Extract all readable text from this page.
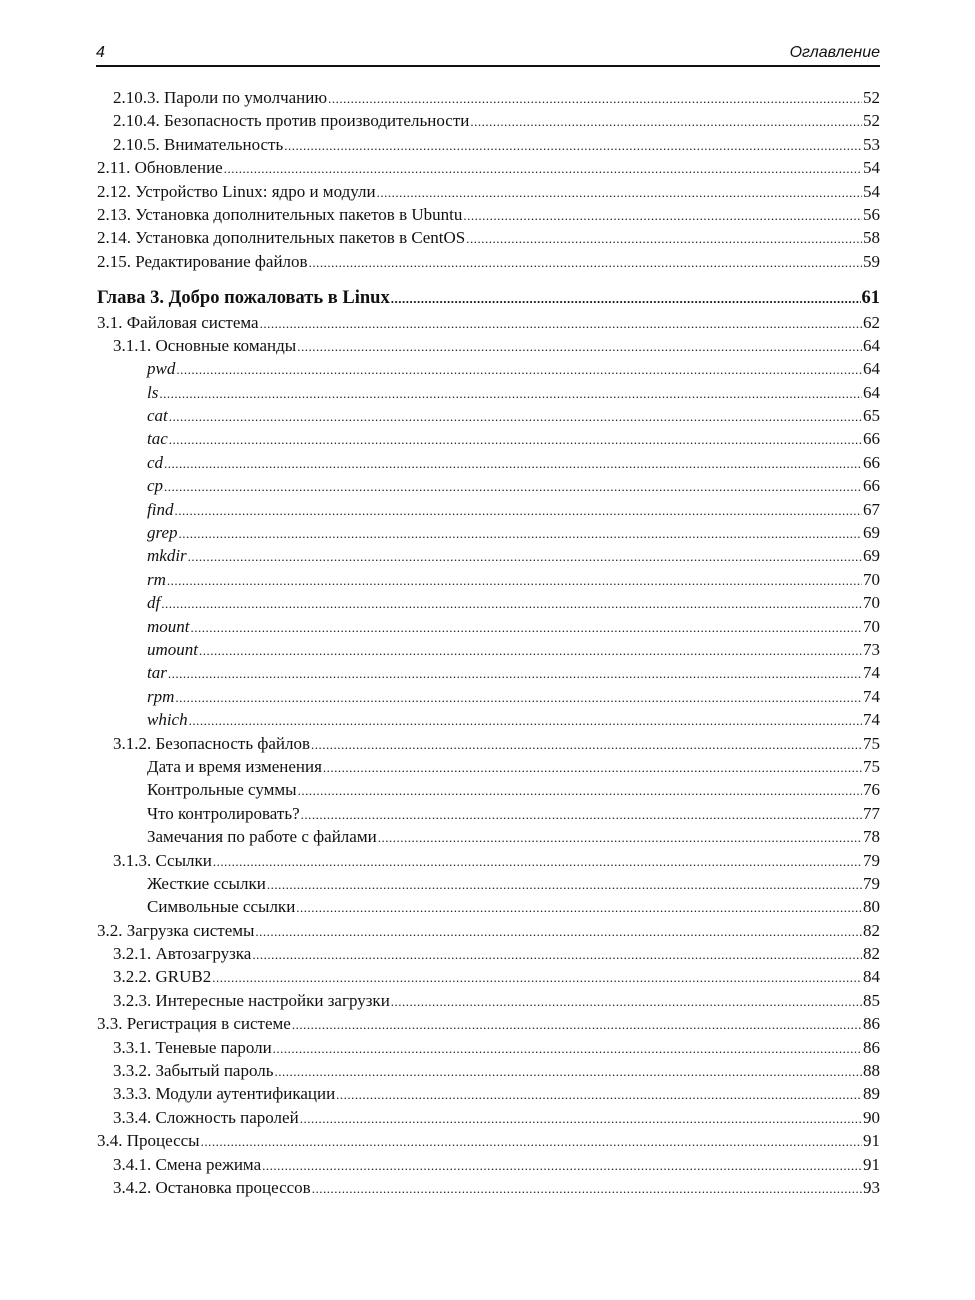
4	Оглавление
2.10.3. Пароли по умолчанию .....	52
2.10.4. Безопасность против производительности .....	52
2.10.5. Внимательность .....	53
2.11. Обновление .....	54
2.12. Устройство Linux: ядро и модули .....	54
2.13. Установка дополнительных пакетов в Ubuntu .....	56
2.14. Установка дополнительных пакетов в CentOS .....	58
2.15. Редактирование файлов .....	59
Глава 3. Добро пожаловать в Linux .....	61
3.1. Файловая система .....	62
3.1.1. Основные команды .....	64
pwd .....	64
ls .....	64
cat .....	65
tac .....	66
cd .....	66
cp .....	66
find .....	67
grep .....	69
mkdir .....	69
rm .....	70
df .....	70
mount .....	70
umount .....	73
tar .....	74
rpm .....	74
which .....	74
3.1.2. Безопасность файлов .....	75
Дата и время изменения .....	75
Контрольные суммы .....	76
Что контролировать? .....	77
Замечания по работе с файлами .....	78
3.1.3. Ссылки .....	79
Жесткие ссылки .....	79
Символьные ссылки .....	80
3.2. Загрузка системы .....	82
3.2.1. Автозагрузка .....	82
3.2.2. GRUB2 .....	84
3.2.3. Интересные настройки загрузки .....	85
3.3. Регистрация в системе .....	86
3.3.1. Теневые пароли .....	86
3.3.2. Забытый пароль .....	88
3.3.3. Модули аутентификации .....	89
3.3.4. Сложность паролей .....	90
3.4. Процессы .....	91
3.4.1. Смена режима .....	91
3.4.2. Остановка процессов .....	93
